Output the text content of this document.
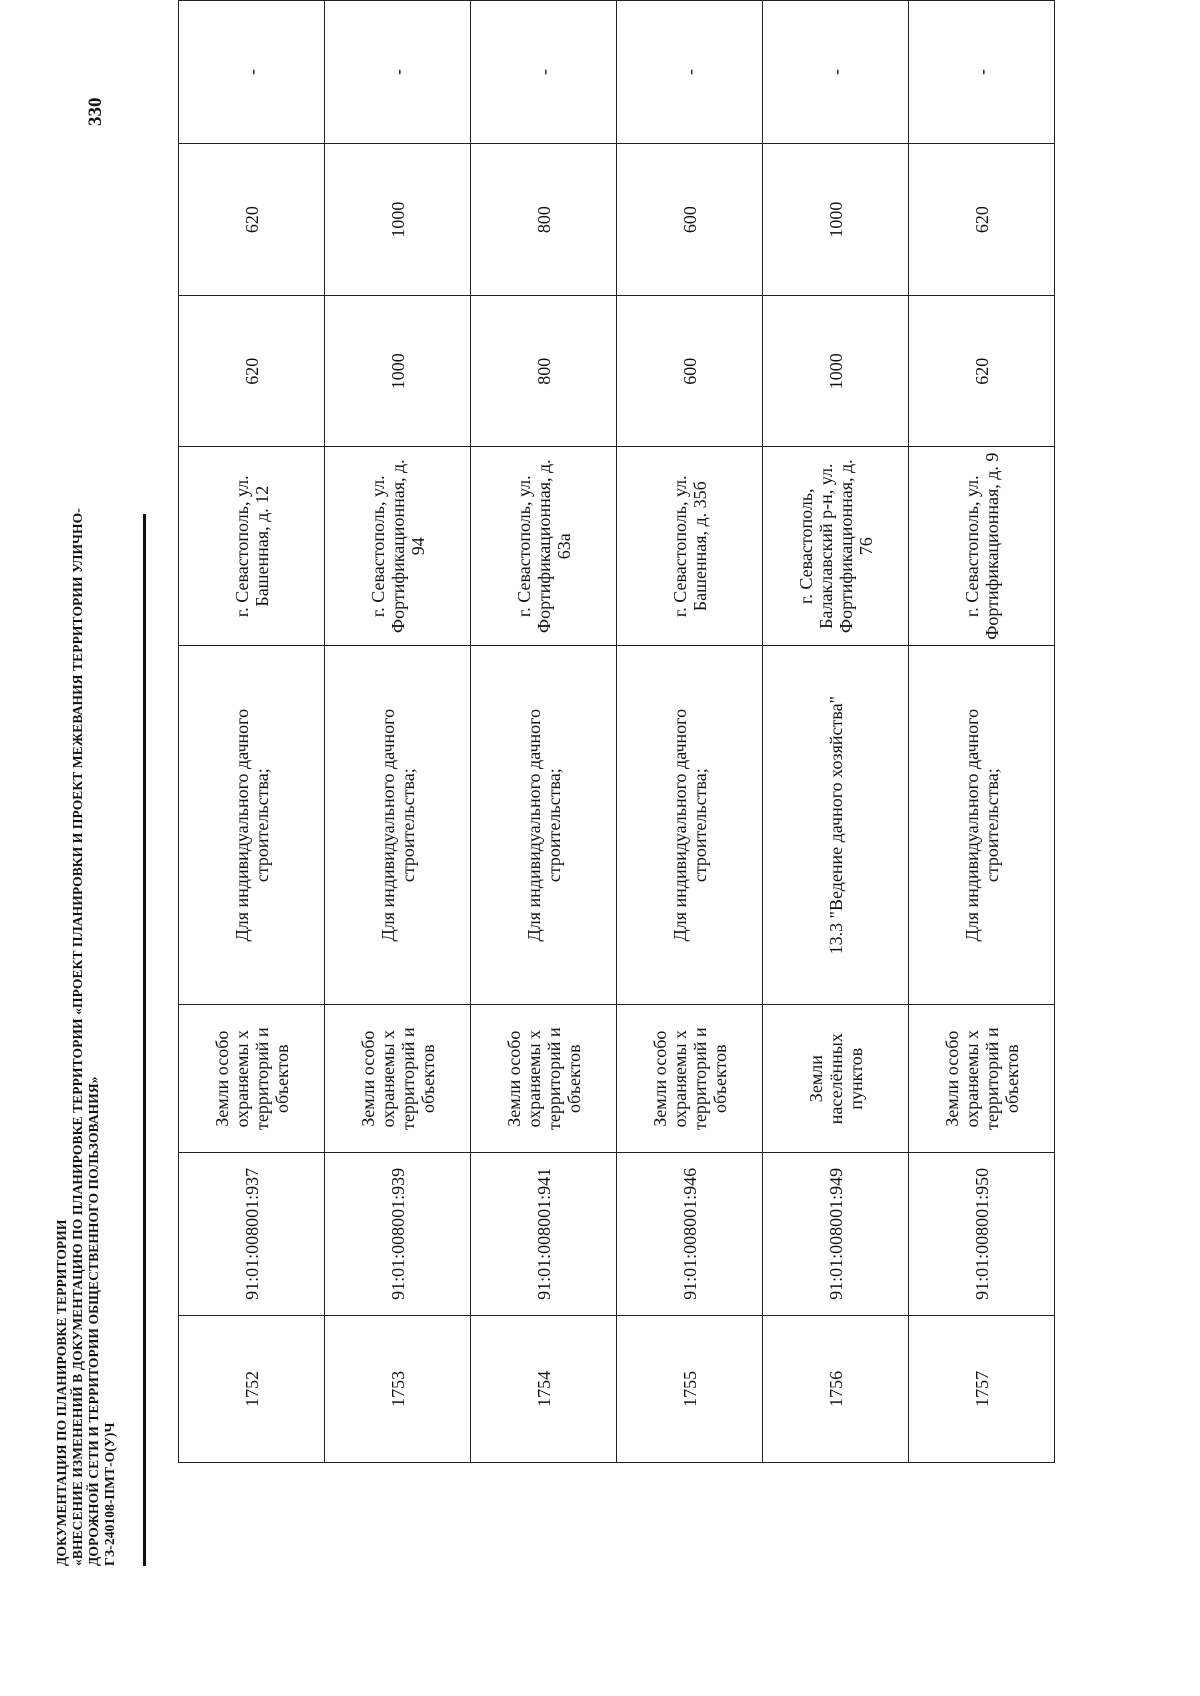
ДОКУМЕНТАЦИЯ ПО ПЛАНИРОВКЕ ТЕРРИТОРИИ «ВНЕСЕНИЕ ИЗМЕНЕНИЙ В ДОКУМЕНТАЦИЮ ПО ПЛАНИРОВКЕ ТЕРРИТОРИИ «ПРОЕКТ ПЛАНИРОВКИ И ПРОЕКТ МЕЖЕВАНИЯ ТЕРРИТОРИИ УЛИЧНО- ДОРОЖНОЙ СЕТИ И ТЕРРИТОРИИ ОБЩЕСТВЕННОГО ПОЛЬЗОВАНИЯ» ГЗ-240108-ПМТ-О(У)Ч
330
1752	91:01:008001:937	Земли особо охраняемы х территорий и объектов	Для индивидуального дачного строительства;	г. Севастополь, ул. Башенная, д. 12	620	620	-
1753	91:01:008001:939	Земли особо охраняемы х территорий и объектов	Для индивидуального дачного строительства;	г. Севастополь, ул. Фортификационная, д. 94	1000	1000	-
1754	91:01:008001:941	Земли особо охраняемы х территорий и объектов	Для индивидуального дачного строительства;	г. Севастополь, ул. Фортификационная, д. 63а	800	800	-
1755	91:01:008001:946	Земли особо охраняемы х территорий и объектов	Для индивидуального дачного строительства;	г. Севастополь, ул. Башенная, д. 35б	600	600	-
1756	91:01:008001:949	Земли населённых пунктов	13.3 "Ведение дачного хозяйства"	г. Севастополь, Балаклавский р-н, ул. Фортификационная, д. 76	1000	1000	-
1757	91:01:008001:950	Земли особо охраняемы х территорий и объектов	Для индивидуального дачного строительства;	г. Севастополь, ул. Фортификационная, д. 9	620	620	-
